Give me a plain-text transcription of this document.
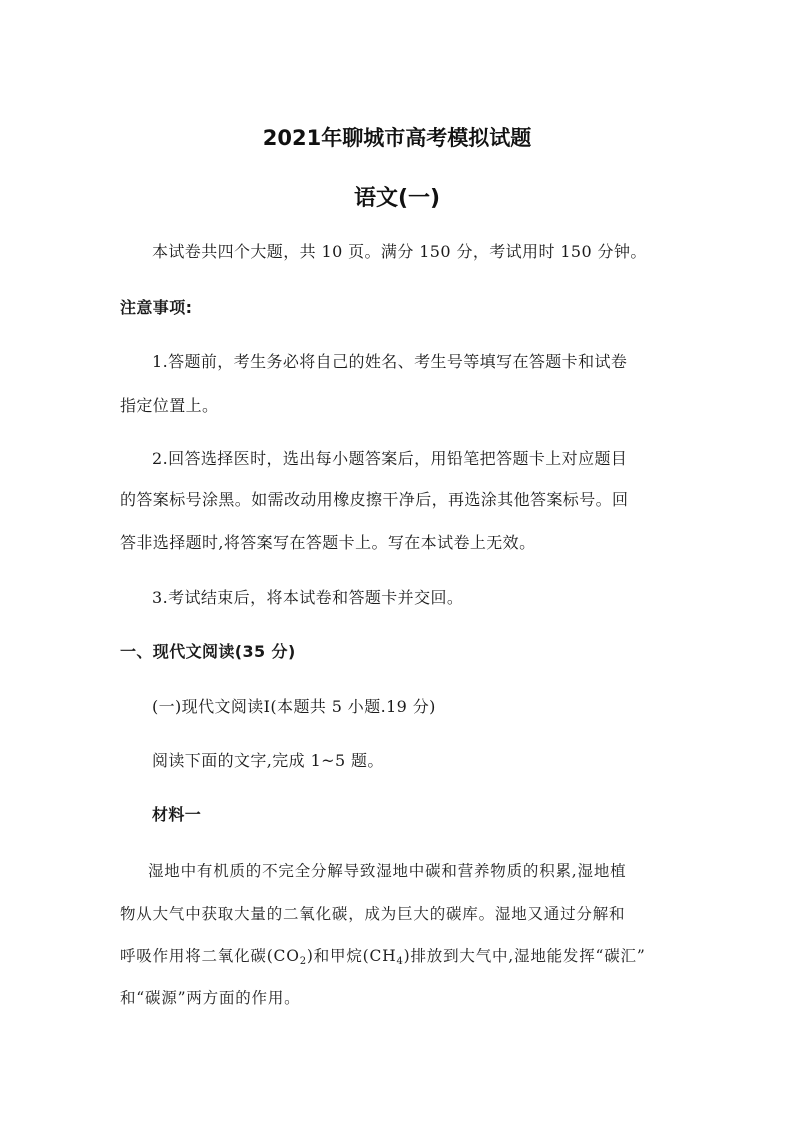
2021年聊城市高考模拟试题
语文(一)
本试卷共四个大题，共 10 页。满分 150 分，考试用时 150 分钟。
注意事项:
1.答题前，考生务必将自己的姓名、考生号等填写在答题卡和试卷
指定位置上。
2.回答选择医时，选出每小题答案后，用铅笔把答题卡上对应题目
的答案标号涂黑。如需改动用橡皮擦干净后，再选涂其他答案标号。回
答非选择题时,将答案写在答题卡上。写在本试卷上无效。
3.考试结束后，将本试卷和答题卡并交回。
一、现代文阅读(35 分)
(一)现代文阅读Ⅰ(本题共 5 小题.19 分)
阅读下面的文字,完成 1~5 题。
材料一
湿地中有机质的不完全分解导致湿地中碳和营养物质的积累,湿地植
物从大气中获取大量的二氧化碳，成为巨大的碳库。湿地又通过分解和
呼吸作用将二氧化碳$(CO_2)$和甲烷$(CH_4)$排放到大气中,湿地能发挥“碳汇”
和“碳源”两方面的作用。
